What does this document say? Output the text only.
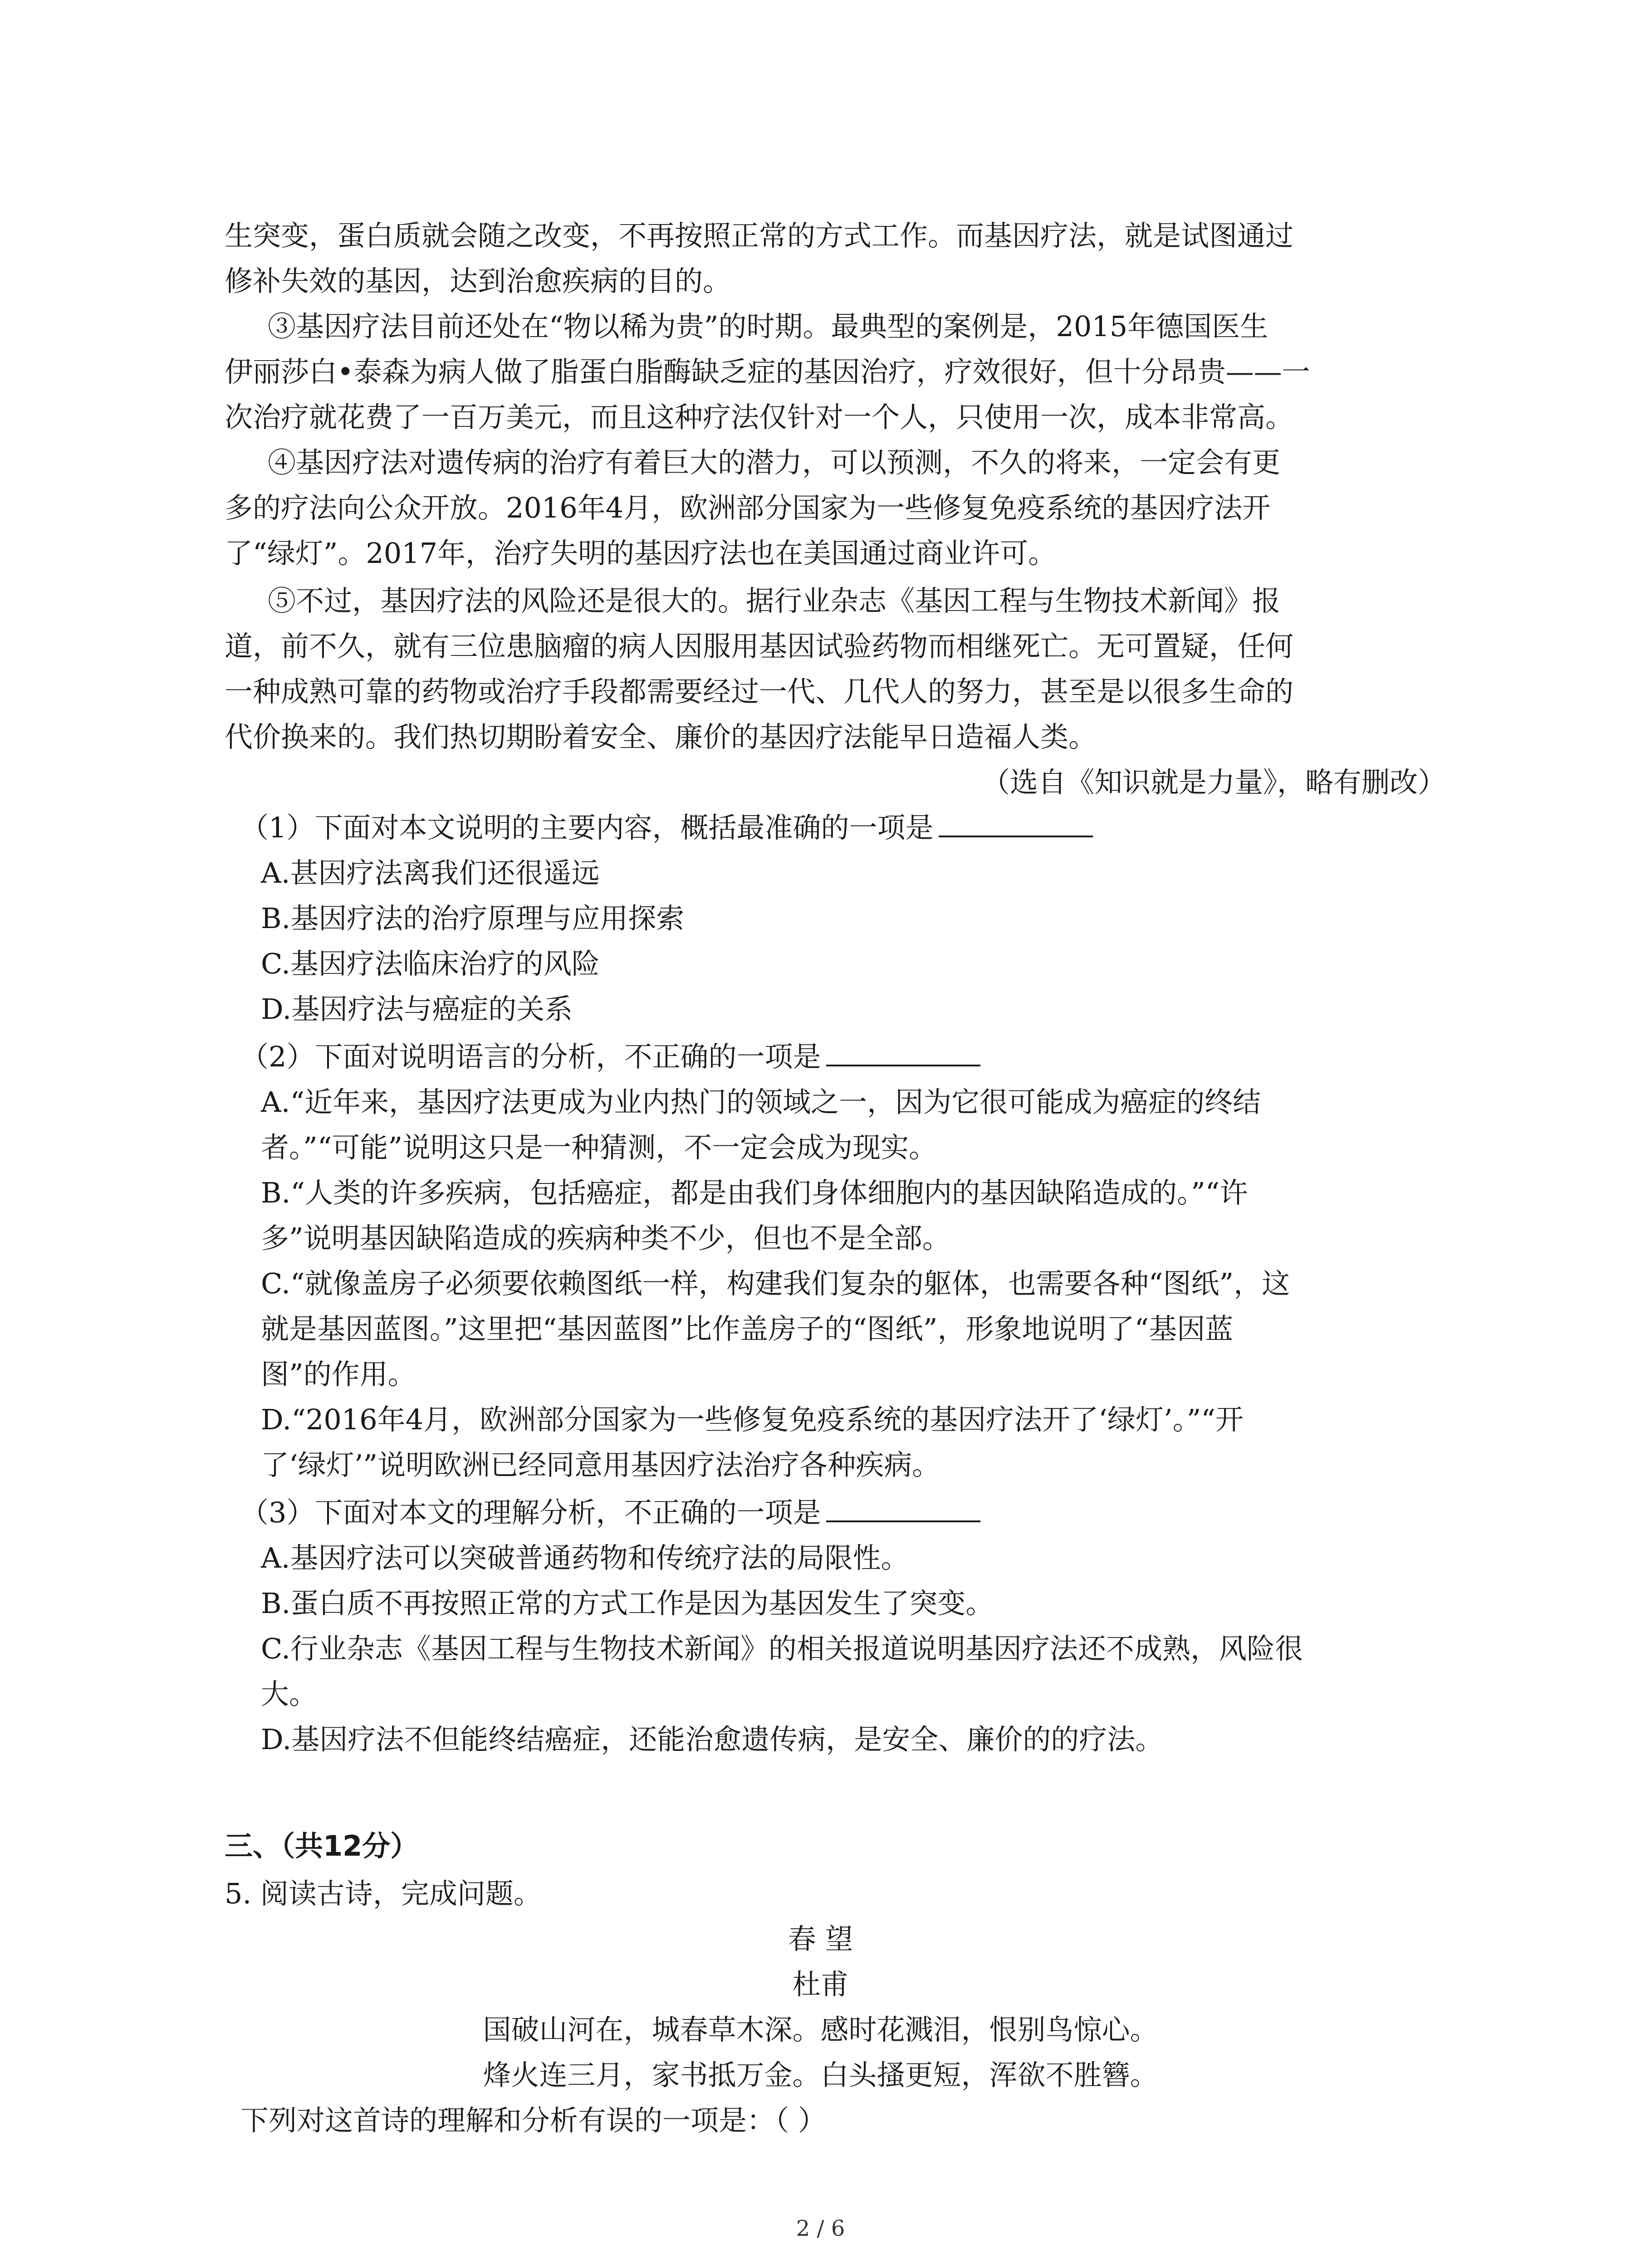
生突变，蛋白质就会随之改变，不再按照正常的方式工作。而基因疗法，就是试图通过
修补失效的基因，达到治愈疾病的目的。
③基因疗法目前还处在“物以稀为贵”的时期。最典型的案例是，2015年德国医生
伊丽莎白•泰森为病人做了脂蛋白脂酶缺乏症的基因治疗，疗效很好，但十分昂贵——一
次治疗就花费了一百万美元，而且这种疗法仅针对一个人，只使用一次，成本非常高。
④基因疗法对遗传病的治疗有着巨大的潜力，可以预测，不久的将来，一定会有更
多的疗法向公众开放。2016年4月，欧洲部分国家为一些修复免疫系统的基因疗法开
了“绿灯”。2017年，治疗失明的基因疗法也在美国通过商业许可。
⑤不过，基因疗法的风险还是很大的。据行业杂志《基因工程与生物技术新闻》报
道，前不久，就有三位患脑瘤的病人因服用基因试验药物而相继死亡。无可置疑，任何
一种成熟可靠的药物或治疗手段都需要经过一代、几代人的努力，甚至是以很多生命的
代价换来的。我们热切期盼着安全、廉价的基因疗法能早日造福人类。
（选自《知识就是力量》，略有删改）
（1）下面对本文说明的主要内容，概括最准确的一项是
A.甚因疗法离我们还很遥远
B.基因疗法的治疗原理与应用探索
C.基因疗法临床治疗的风险
D.基因疗法与癌症的关系
（2）下面对说明语言的分析，不正确的一项是
A.“近年来，基因疗法更成为业内热门的领域之一，因为它很可能成为癌症的终结
者。”“可能”说明这只是一种猜测，不一定会成为现实。
B.“人类的许多疾病，包括癌症，都是由我们身体细胞内的基因缺陷造成的。”“许
多”说明基因缺陷造成的疾病种类不少，但也不是全部。
C.“就像盖房子必须要依赖图纸一样，构建我们复杂的躯体，也需要各种“图纸”，这
就是基因蓝图。”这里把“基因蓝图”比作盖房子的“图纸”，形象地说明了“基因蓝
图”的作用。
D.“2016年4月，欧洲部分国家为一些修复免疫系统的基因疗法开了‘绿灯’。”“开
了‘绿灯’”说明欧洲已经同意用基因疗法治疗各种疾病。
（3）下面对本文的理解分析，不正确的一项是
A.基因疗法可以突破普通药物和传统疗法的局限性。
B.蛋白质不再按照正常的方式工作是因为基因发生了突变。
C.行业杂志《基因工程与生物技术新闻》的相关报道说明基因疗法还不成熟，风险很
大。
D.基因疗法不但能终结癌症，还能治愈遗传病，是安全、廉价的的疗法。
三、（共12分）
5. 阅读古诗，完成问题。
春 望
杜甫
国破山河在，城春草木深。感时花溅泪，恨别鸟惊心。
烽火连三月，家书抵万金。白头搔更短，浑欲不胜簪。
下列对这首诗的理解和分析有误的一项是：（ ）
2 / 6
